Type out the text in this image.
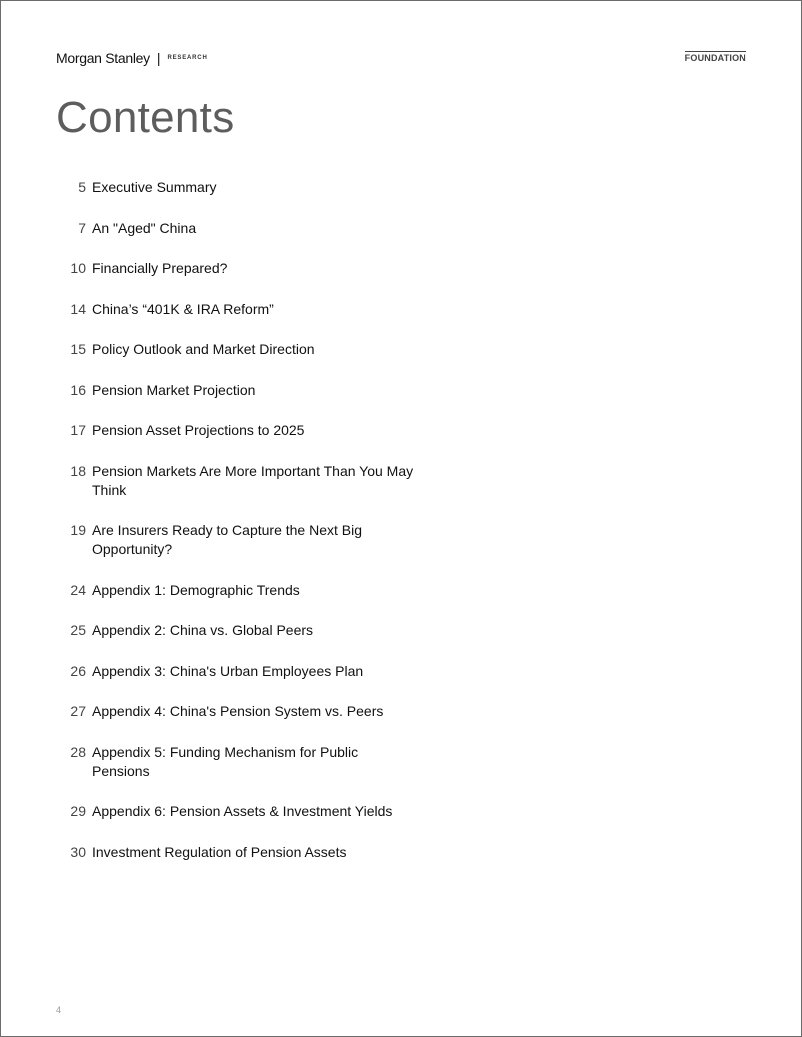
Morgan Stanley | RESEARCH	FOUNDATION
Contents
5 Executive Summary
7 An "Aged" China
10 Financially Prepared?
14 China’s “401K & IRA Reform”
15 Policy Outlook and Market Direction
16 Pension Market Projection
17 Pension Asset Projections to 2025
18 Pension Markets Are More Important Than You May Think
19 Are Insurers Ready to Capture the Next Big Opportunity?
24 Appendix 1: Demographic Trends
25 Appendix 2: China vs. Global Peers
26 Appendix 3: China's Urban Employees Plan
27 Appendix 4: China's Pension System vs. Peers
28 Appendix 5: Funding Mechanism for Public Pensions
29 Appendix 6: Pension Assets & Investment Yields
30 Investment Regulation of Pension Assets
4
